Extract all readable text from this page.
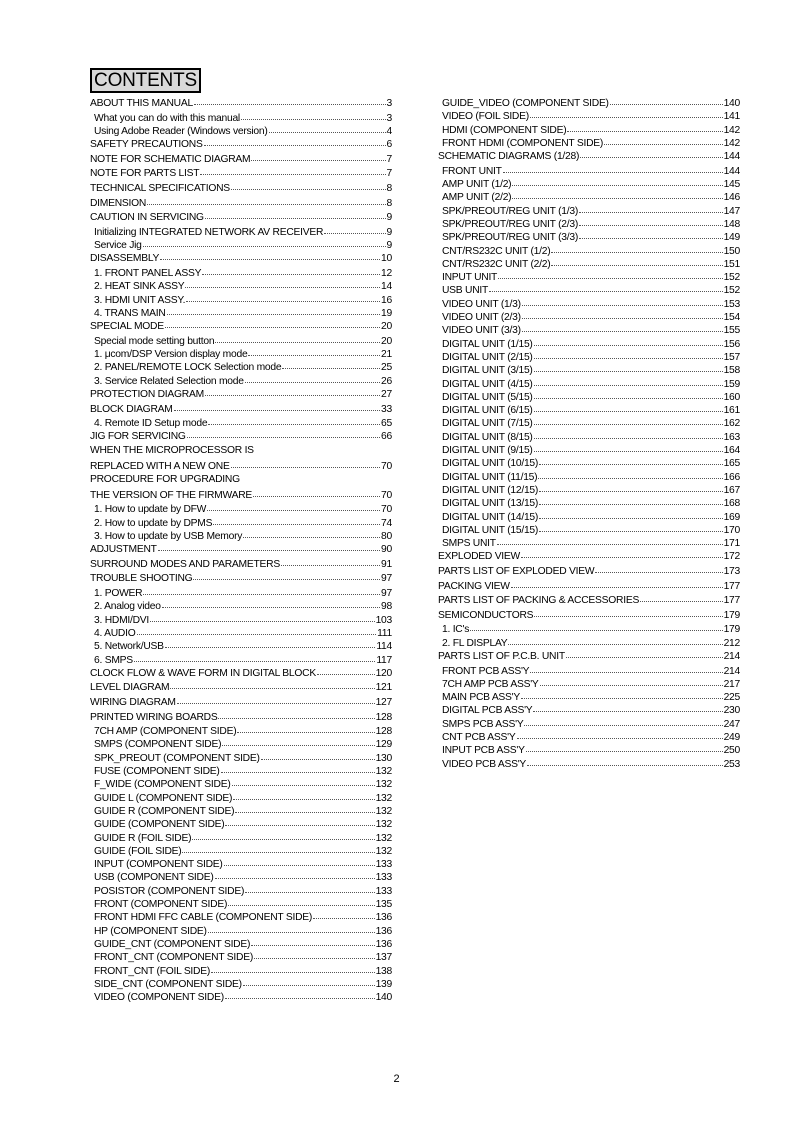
CONTENTS
ABOUT THIS MANUAL	3
What you can do with this manual	3
Using Adobe Reader (Windows version)	4
SAFETY PRECAUTIONS	6
NOTE FOR SCHEMATIC DIAGRAM	7
NOTE FOR PARTS LIST	7
TECHNICAL SPECIFICATIONS	8
DIMENSION	8
CAUTION IN SERVICING	9
Initializing INTEGRATED NETWORK AV RECEIVER	9
Service Jig	9
DISASSEMBLY	10
1. FRONT PANEL ASSY	12
2. HEAT SINK ASSY	14
3. HDMI UNIT ASSY.	16
4. TRANS MAIN	19
SPECIAL MODE	20
Special mode setting button	20
1. μcom/DSP Version display mode	21
2. PANEL/REMOTE LOCK Selection mode	25
3. Service Related Selection mode	26
PROTECTION DIAGRAM	27
BLOCK DIAGRAM	33
4. Remote ID Setup mode	65
JIG FOR SERVICING	66
WHEN THE MICROPROCESSOR IS
REPLACED WITH A NEW ONE	70
PROCEDURE FOR UPGRADING
THE VERSION OF THE FIRMWARE	70
1. How to update by DFW	70
2. How to update by DPMS	74
3. How to update by USB Memory	80
ADJUSTMENT	90
SURROUND MODES AND PARAMETERS	91
TROUBLE SHOOTING	97
1. POWER	97
2. Analog video	98
3. HDMI/DVI	103
4. AUDIO	111
5. Network/USB	114
6. SMPS	117
CLOCK FLOW & WAVE FORM IN DIGITAL BLOCK	120
LEVEL DIAGRAM	121
WIRING DIAGRAM	127
PRINTED WIRING BOARDS	128
7CH AMP (COMPONENT SIDE)	128
SMPS (COMPONENT SIDE)	129
SPK_PREOUT (COMPONENT SIDE)	130
FUSE (COMPONENT SIDE)	132
F_WIDE (COMPONENT SIDE)	132
GUIDE L (COMPONENT SIDE)	132
GUIDE R (COMPONENT SIDE)	132
GUIDE (COMPONENT SIDE)	132
GUIDE R (FOIL SIDE)	132
GUIDE (FOIL SIDE)	132
INPUT (COMPONENT SIDE)	133
USB (COMPONENT SIDE)	133
POSISTOR (COMPONENT SIDE)	133
FRONT (COMPONENT SIDE)	135
FRONT HDMI FFC CABLE (COMPONENT SIDE)	136
HP (COMPONENT SIDE)	136
GUIDE_CNT (COMPONENT SIDE)	136
FRONT_CNT (COMPONENT SIDE)	137
FRONT_CNT (FOIL SIDE)	138
SIDE_CNT (COMPONENT SIDE)	139
VIDEO (COMPONENT SIDE)	140
GUIDE_VIDEO (COMPONENT SIDE)	140
VIDEO (FOIL SIDE)	141
HDMI (COMPONENT SIDE)	142
FRONT HDMI (COMPONENT SIDE)	142
SCHEMATIC DIAGRAMS (1/28)	144
FRONT UNIT	144
AMP UNIT (1/2)	145
AMP UNIT (2/2)	146
SPK/PREOUT/REG UNIT (1/3)	147
SPK/PREOUT/REG UNIT (2/3)	148
SPK/PREOUT/REG UNIT (3/3)	149
CNT/RS232C UNIT (1/2)	150
CNT/RS232C UNIT (2/2)	151
INPUT UNIT	152
USB UNIT	152
VIDEO UNIT (1/3)	153
VIDEO UNIT (2/3)	154
VIDEO UNIT (3/3)	155
DIGITAL UNIT (1/15)	156
DIGITAL UNIT (2/15)	157
DIGITAL UNIT (3/15)	158
DIGITAL UNIT (4/15)	159
DIGITAL UNIT (5/15)	160
DIGITAL UNIT (6/15)	161
DIGITAL UNIT (7/15)	162
DIGITAL UNIT (8/15)	163
DIGITAL UNIT (9/15)	164
DIGITAL UNIT (10/15)	165
DIGITAL UNIT (11/15)	166
DIGITAL UNIT (12/15)	167
DIGITAL UNIT (13/15)	168
DIGITAL UNIT (14/15)	169
DIGITAL UNIT (15/15)	170
SMPS UNIT	171
EXPLODED VIEW	172
PARTS LIST OF EXPLODED VIEW	173
PACKING VIEW	177
PARTS LIST OF PACKING & ACCESSORIES	177
SEMICONDUCTORS	179
1. IC's	179
2. FL DISPLAY	212
PARTS LIST OF P.C.B. UNIT	214
FRONT PCB ASS'Y	214
7CH AMP PCB ASS'Y	217
MAIN PCB ASS'Y	225
DIGITAL PCB ASS'Y	230
SMPS PCB ASS'Y	247
CNT PCB ASS'Y	249
INPUT PCB ASS'Y	250
VIDEO PCB ASS'Y	253
2
